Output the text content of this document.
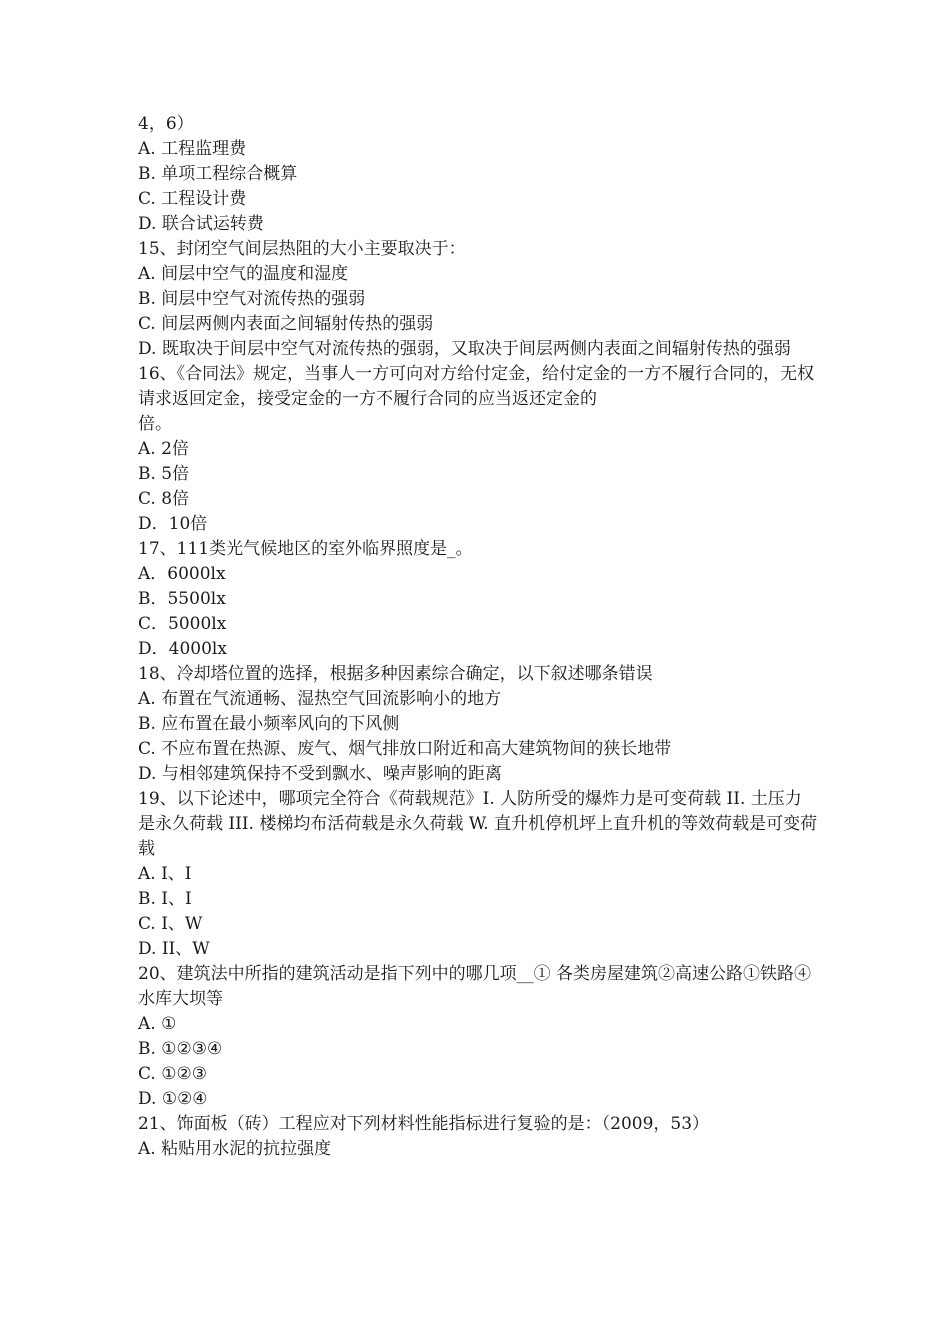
4，6）
A. 工程监理费
B. 单项工程综合概算
C. 工程设计费
D. 联合试运转费
15、封闭空气间层热阻的大小主要取决于：
A. 间层中空气的温度和湿度
B. 间层中空气对流传热的强弱
C. 间层两侧内表面之间辐射传热的强弱
D. 既取决于间层中空气对流传热的强弱，又取决于间层两侧内表面之间辐射传热的强弱
16、《合同法》规定，当事人一方可向对方给付定金，给付定金的一方不履行合同的，无权请求返回定金，接受定金的一方不履行合同的应当返还定金的
倍。
A. 2倍
B. 5倍
C. 8倍
D．10倍
17、111类光气候地区的室外临界照度是_。
A．6000lx
B．5500lx
C．5000lx
D．4000lx
18、冷却塔位置的选择，根据多种因素综合确定，以下叙述哪条错误
A. 布置在气流通畅、湿热空气回流影响小的地方
B. 应布置在最小频率风向的下风侧
C. 不应布置在热源、废气、烟气排放口附近和高大建筑物间的狭长地带
D. 与相邻建筑保持不受到飘水、噪声影响的距离
19、以下论述中，哪项完全符合《荷载规范》I. 人防所受的爆炸力是可变荷载 II. 土压力是永久荷载 III. 楼梯均布活荷载是永久荷载 W. 直升机停机坪上直升机的等效荷载是可变荷载
A. I、I
B. I、I
C. I、W
D. II、W
20、建筑法中所指的建筑活动是指下列中的哪几项__① 各类房屋建筑②高速公路①铁路④水库大坝等
A. ①
B. ①②③④
C. ①②③
D. ①②④
21、饰面板（砖）工程应对下列材料性能指标进行复验的是：（2009，53）
A. 粘贴用水泥的抗拉强度
